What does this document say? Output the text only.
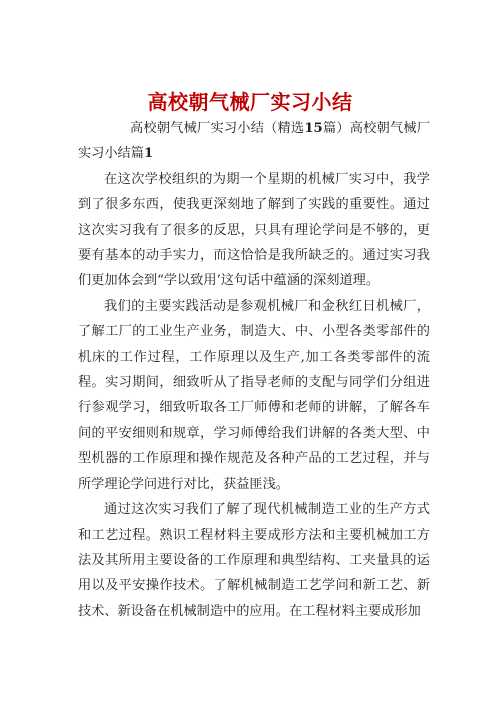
高校朝气械厂实习小结

高校朝气械厂实习小结（精选15篇）高校朝气械厂实习小结篇1

在这次学校组织的为期一个星期的机械厂实习中，我学到了很多东西，使我更深刻地了解到了实践的重要性。通过这次实习我有了很多的反思，只具有理论学问是不够的，更要有基本的动手实力，而这恰恰是我所缺乏的。通过实习我们更加体会到“学以致用’这句话中蕴涵的深刻道理。

我们的主要实践活动是参观机械厂和金秋红日机械厂，了解工厂的工业生产业务，制造大、中、小型各类零部件的机床的工作过程，工作原理以及生产,加工各类零部件的流程。实习期间，细致听从了指导老师的支配与同学们分组进行参观学习，细致听取各工厂师傅和老师的讲解，了解各车间的平安细则和规章，学习师傅给我们讲解的各类大型、中型机器的工作原理和操作规范及各种产品的工艺过程，并与所学理论学问进行对比，获益匪浅。

通过这次实习我们了解了现代机械制造工业的生产方式和工艺过程。熟识工程材料主要成形方法和主要机械加工方法及其所用主要设备的工作原理和典型结构、工夹量具的运用以及平安操作技术。了解机械制造工艺学问和新工艺、新技术、新设备在机械制造中的应用。在工程材料主要成形加
